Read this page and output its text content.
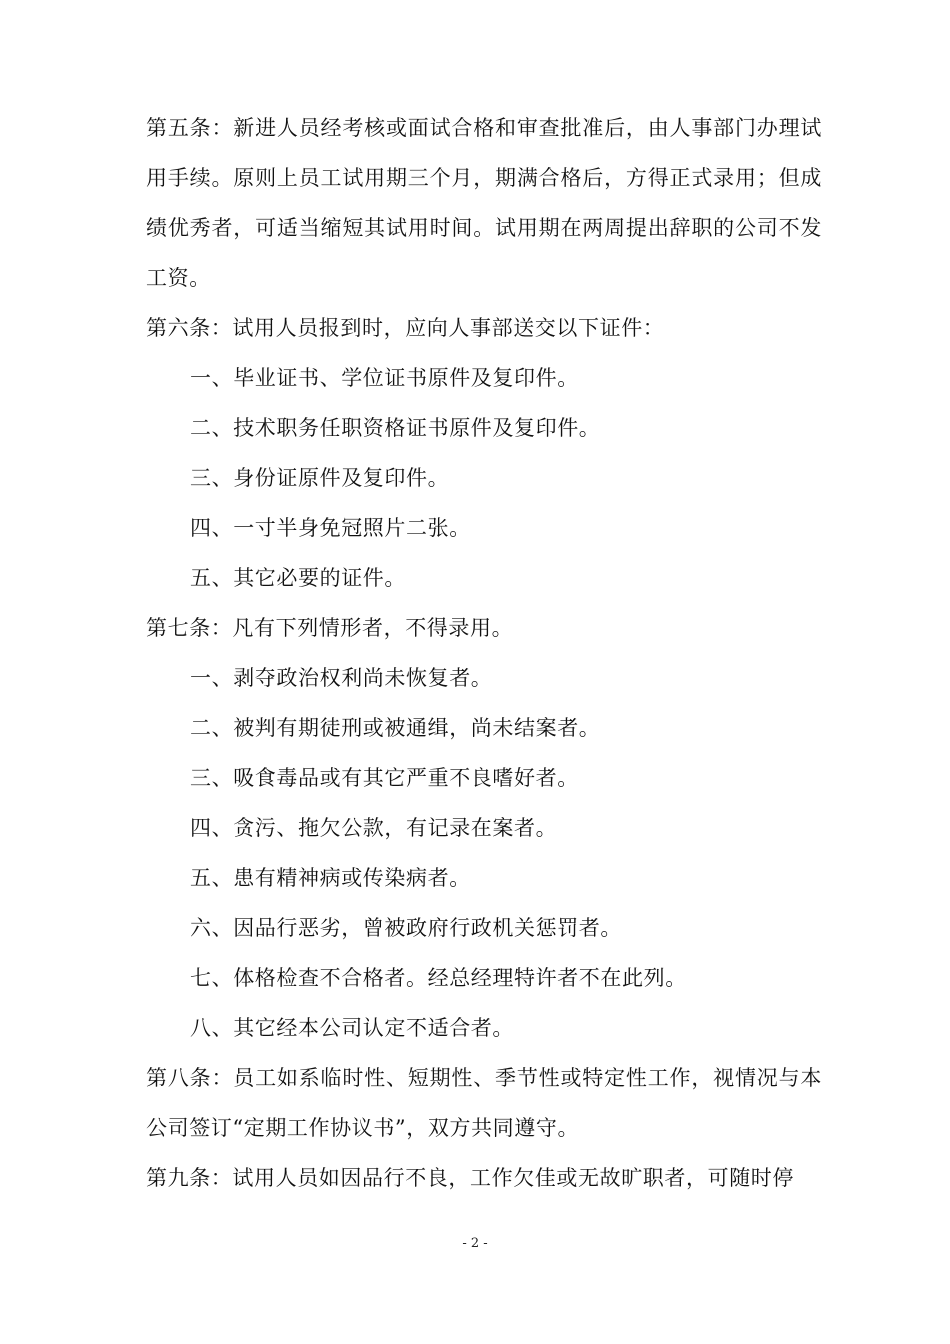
第五条：新进人员经考核或面试合格和审查批准后，由人事部门办理试用手续。原则上员工试用期三个月，期满合格后，方得正式录用；但成绩优秀者，可适当缩短其试用时间。试用期在两周提出辞职的公司不发工资。

第六条：试用人员报到时，应向人事部送交以下证件：

一、毕业证书、学位证书原件及复印件。

二、技术职务任职资格证书原件及复印件。

三、身份证原件及复印件。

四、一寸半身免冠照片二张。

五、其它必要的证件。

第七条：凡有下列情形者，不得录用。

一、剥夺政治权利尚未恢复者。

二、被判有期徒刑或被通缉，尚未结案者。

三、吸食毒品或有其它严重不良嗜好者。

四、贪污、拖欠公款，有记录在案者。

五、患有精神病或传染病者。

六、因品行恶劣，曾被政府行政机关惩罚者。

七、体格检查不合格者。经总经理特许者不在此列。

八、其它经本公司认定不适合者。

第八条：员工如系临时性、短期性、季节性或特定性工作，视情况与本公司签订“定期工作协议书”，双方共同遵守。

第九条：试用人员如因品行不良，工作欠佳或无故旷职者，可随时停

- 2 -
